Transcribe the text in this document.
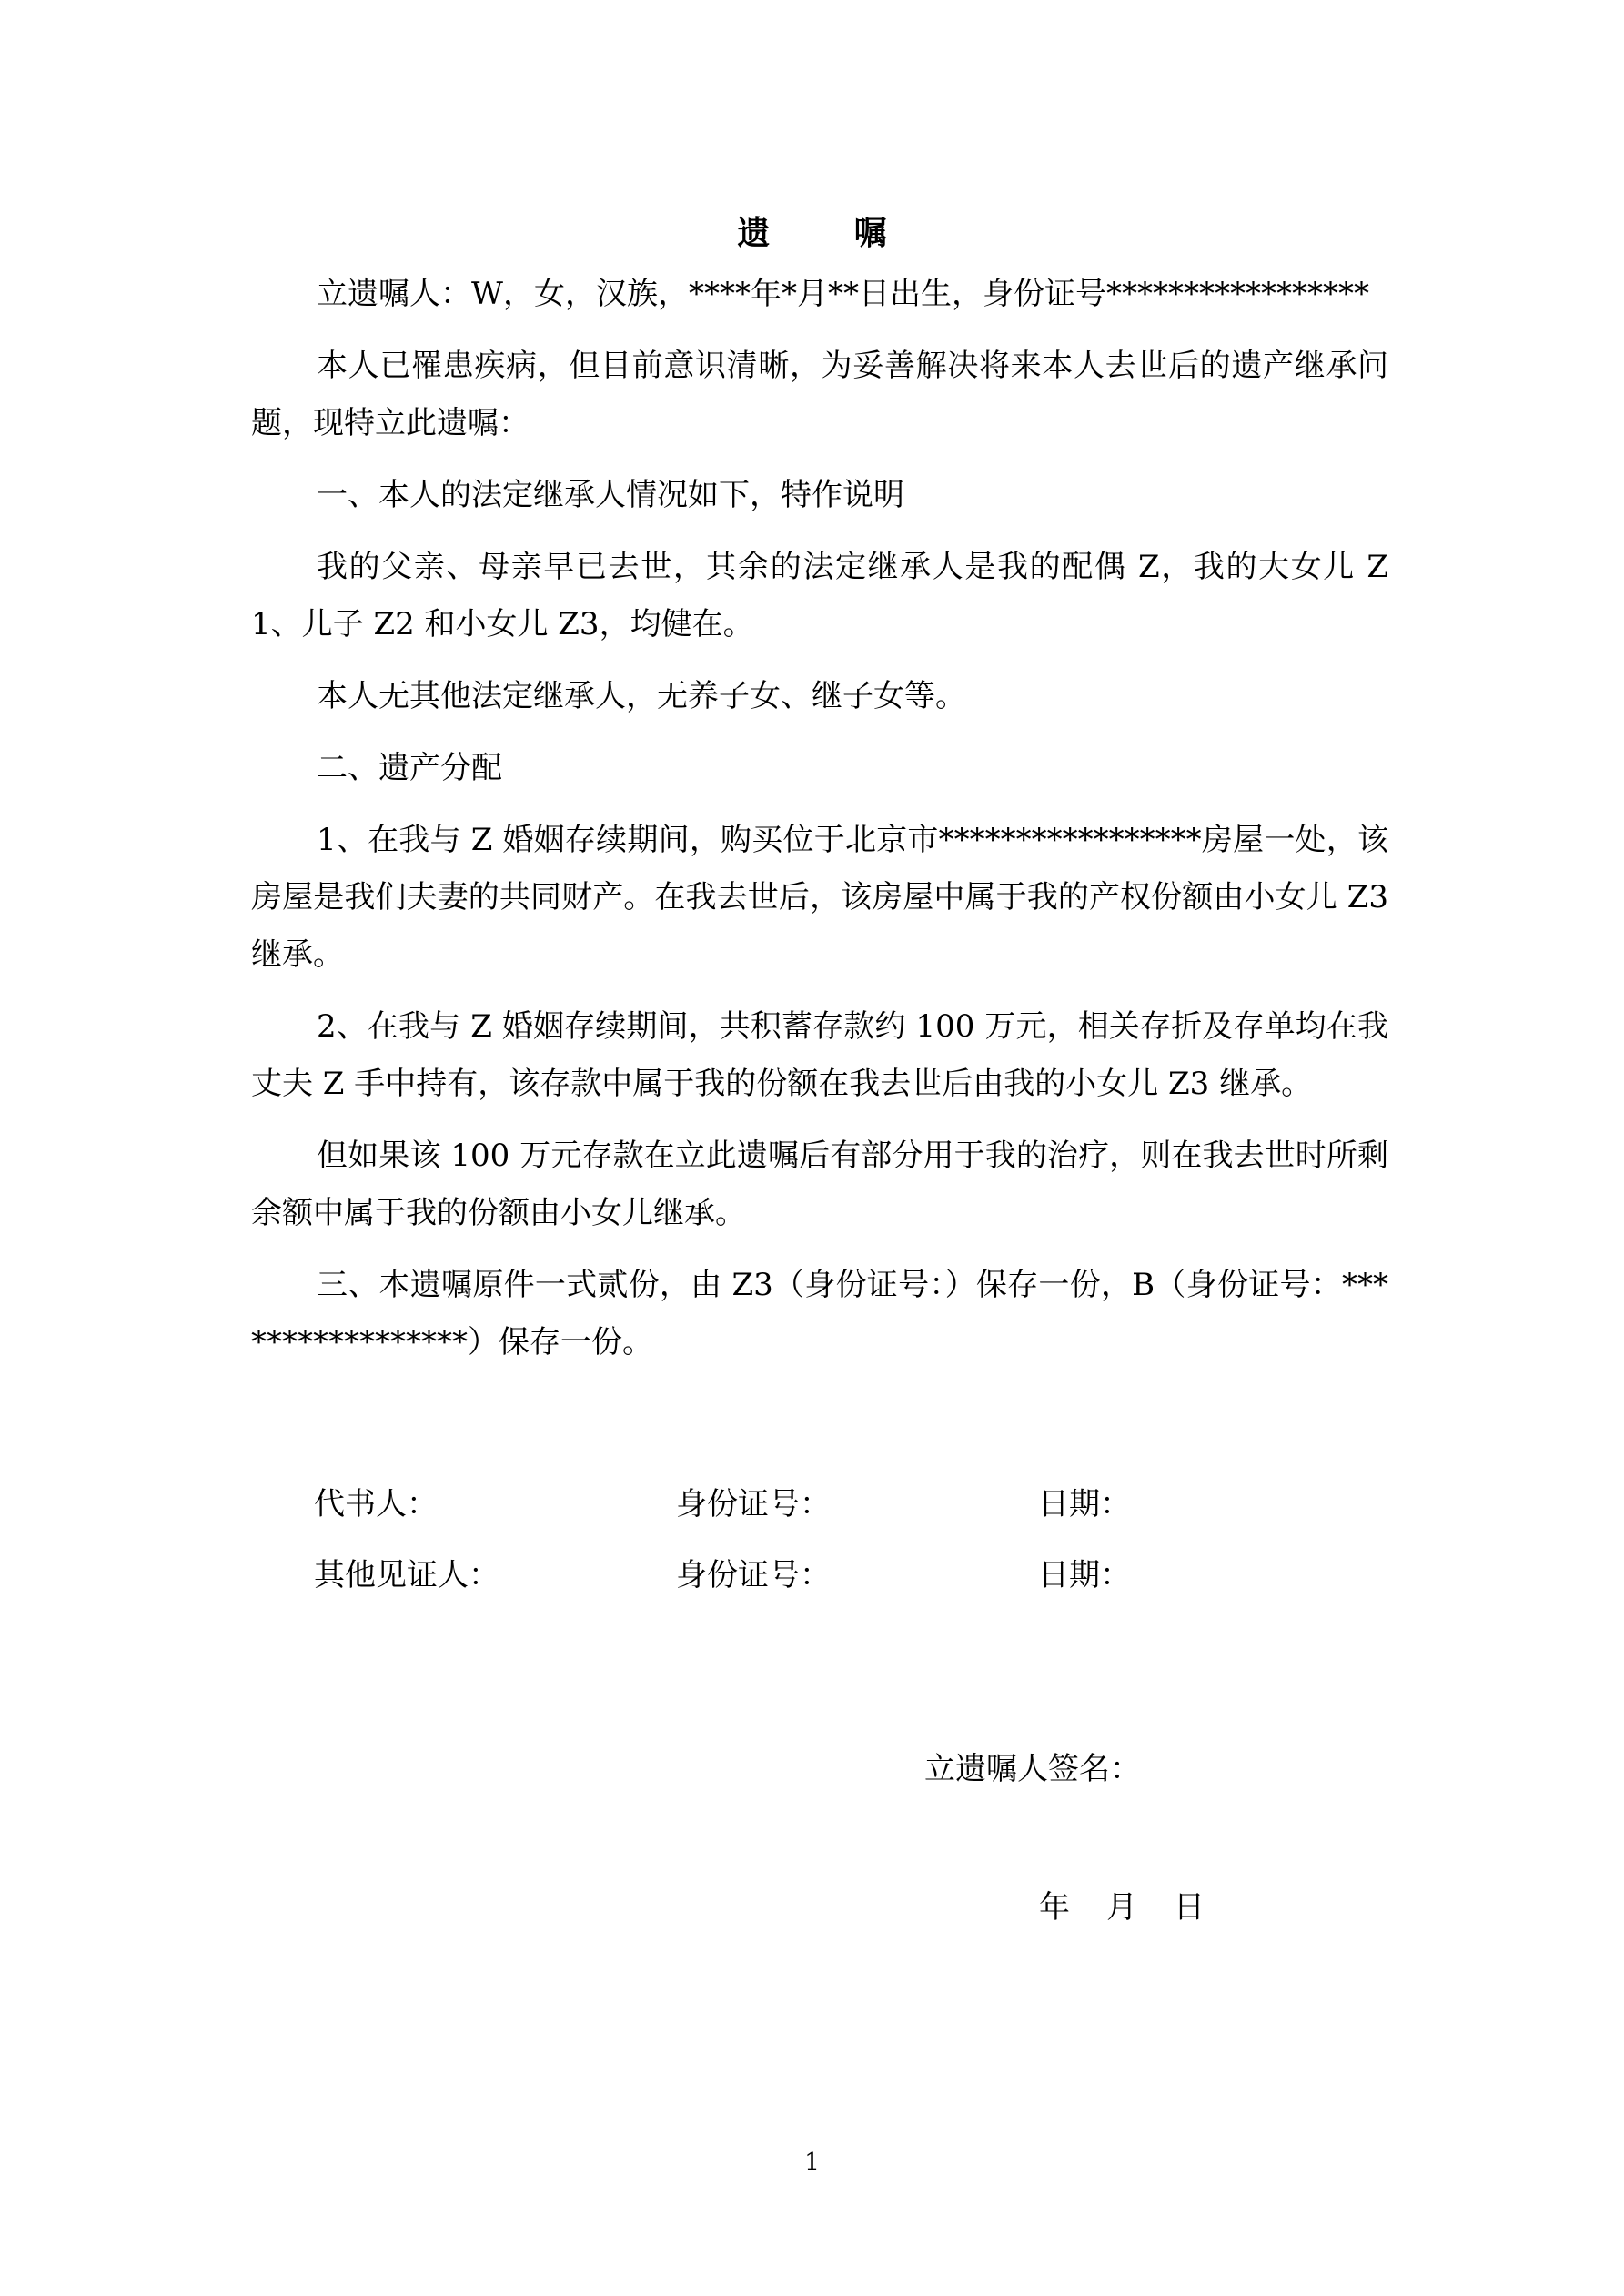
遗 嘱

立遗嘱人：W，女，汉族，****年*月**日出生，身份证号*****************

本人已罹患疾病，但目前意识清晰，为妥善解决将来本人去世后的遗产继承问题，现特立此遗嘱：

一、本人的法定继承人情况如下，特作说明

我的父亲、母亲早已去世，其余的法定继承人是我的配偶 Z，我的大女儿 Z1、儿子 Z2 和小女儿 Z3，均健在。

本人无其他法定继承人，无养子女、继子女等。

二、遗产分配

1、在我与 Z 婚姻存续期间，购买位于北京市*****************房屋一处，该房屋是我们夫妻的共同财产。在我去世后，该房屋中属于我的产权份额由小女儿 Z3 继承。

2、在我与 Z 婚姻存续期间，共积蓄存款约 100 万元，相关存折及存单均在我丈夫 Z 手中持有，该存款中属于我的份额在我去世后由我的小女儿 Z3 继承。

但如果该 100 万元存款在立此遗嘱后有部分用于我的治疗，则在我去世时所剩余额中属于我的份额由小女儿继承。

三、本遗嘱原件一式贰份，由 Z3（身份证号：）保存一份，B（身份证号：*****************）保存一份。

代书人：	身份证号：	日期：
其他见证人：	身份证号：	日期：
立遗嘱人签名：
年 月 日
1
